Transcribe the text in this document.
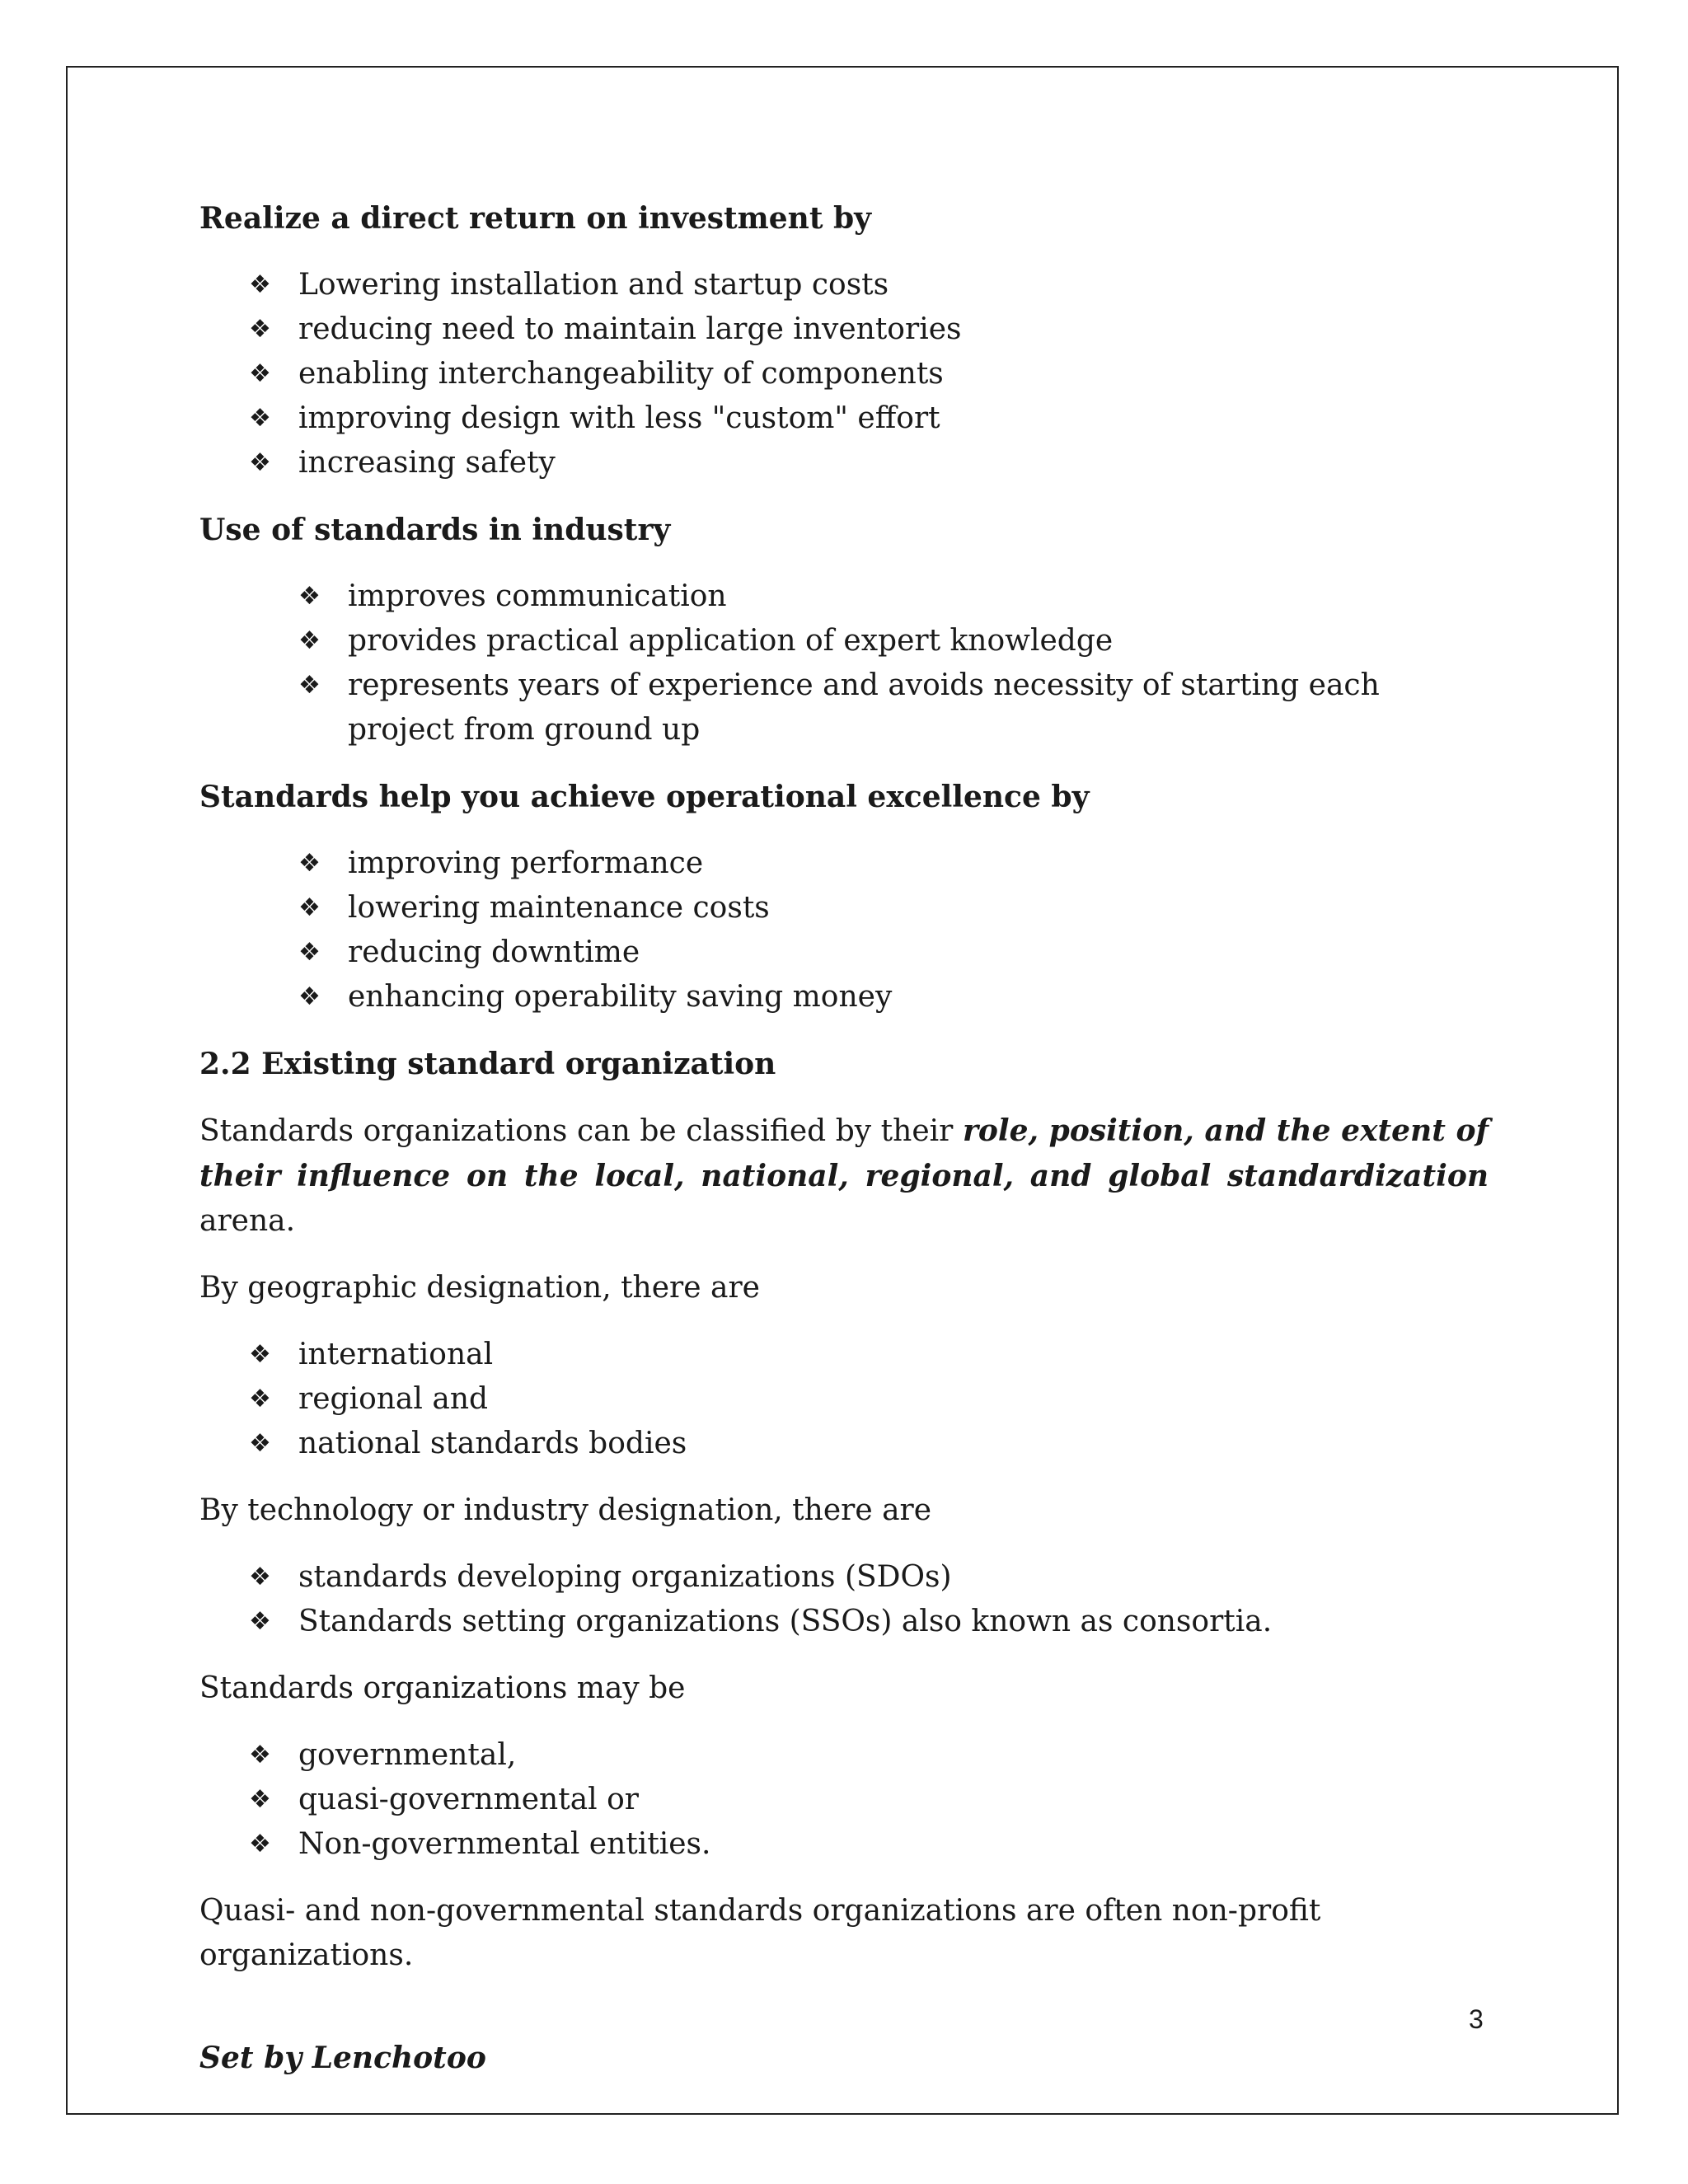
Realize a direct return on investment by

❖ Lowering installation and startup costs
❖ reducing need to maintain large inventories
❖ enabling interchangeability of components
❖ improving design with less "custom" effort
❖ increasing safety

Use of standards in industry

❖ improves communication
❖ provides practical application of expert knowledge
❖ represents years of experience and avoids necessity of starting each project from ground up

Standards help you achieve operational excellence by

❖ improving performance
❖ lowering maintenance costs
❖ reducing downtime
❖ enhancing operability saving money

2.2 Existing standard organization

Standards organizations can be classified by their role, position, and the extent of their influence on the local, national, regional, and global standardization arena.

By geographic designation, there are

❖ international
❖ regional and
❖ national standards bodies

By technology or industry designation, there are

❖ standards developing organizations (SDOs)
❖ Standards setting organizations (SSOs) also known as consortia.

Standards organizations may be

❖ governmental,
❖ quasi-governmental or
❖ Non-governmental entities.

Quasi- and non-governmental standards organizations are often non-profit organizations.

3
Set by Lenchotoo
